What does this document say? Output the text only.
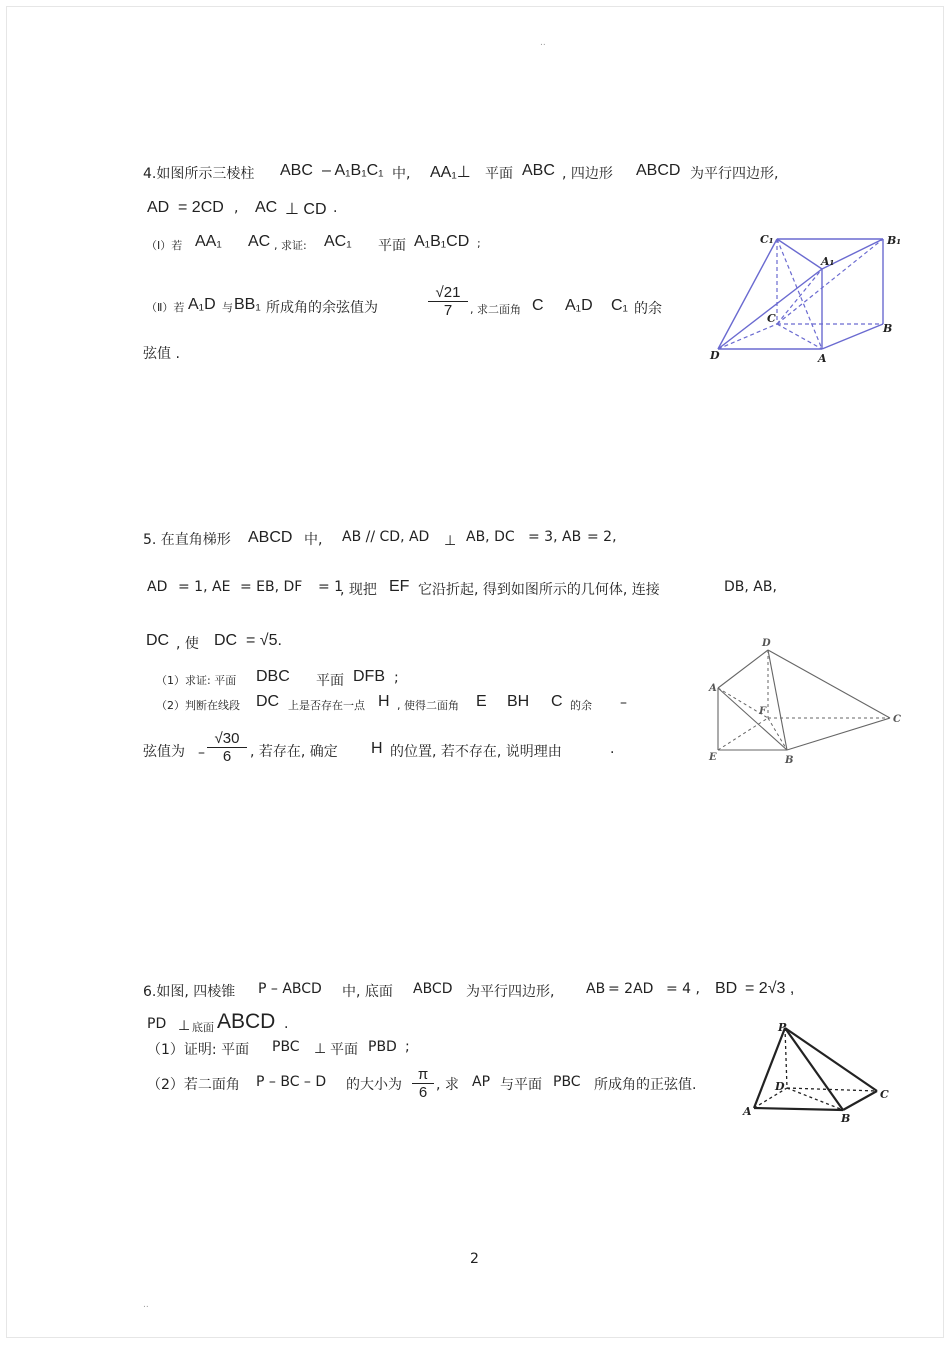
..
4.如图所示三棱柱 ABC – A₁B₁C₁ 中, AA₁⊥ 平面 ABC , 四边形 ABCD 为平行四边形,
AD = 2CD , AC ⊥ CD .
（Ⅰ）若 AA₁ AC , 求证: AC₁ 平面 A₁B₁CD ;
（Ⅱ）若 A₁D 与 BB₁ 所成角的余弦值为	$\frac{√21}{7}$ , 求二面角 C A₁D C₁ 的余
弦值 .
C₁	B₁
A₁
C
B
D	A
5. 在直角梯形 ABCD 中, AB // CD, AD ⊥ AB, DC = 3, AB = 2,
AD = 1, AE = EB, DF = 1
, 现把 EF 它沿折起, 得到如图所示的几何体, 连接	DB, AB,
DC , 使 DC = √5.
（1）求证: 平面 DBC 平面 DFB ;
（2）判断在线段 DC 上是否存在一点 H , 使得二面角 E BH C 的余 –
弦值为 – $\frac{√30}{6}$ , 若存在, 确定 H 的位置, 若不存在, 说明理由	.
D
A
F
C
E	B
6.如图, 四棱锥 P – ABCD 中, 底面 ABCD 为平行四边形, AB = 2AD = 4 , BD = 2√3 ,
PD ⊥ 底面 ABCD .
（1）证明: 平面 PBC ⊥ 平面 PBD ;
（2）若二面角 P – BC – D 的大小为 $\frac{\pi}{6}$ , 求 AP 与平面 PBC 所成角的正弦值.
P
D
C
A
B
2
..
